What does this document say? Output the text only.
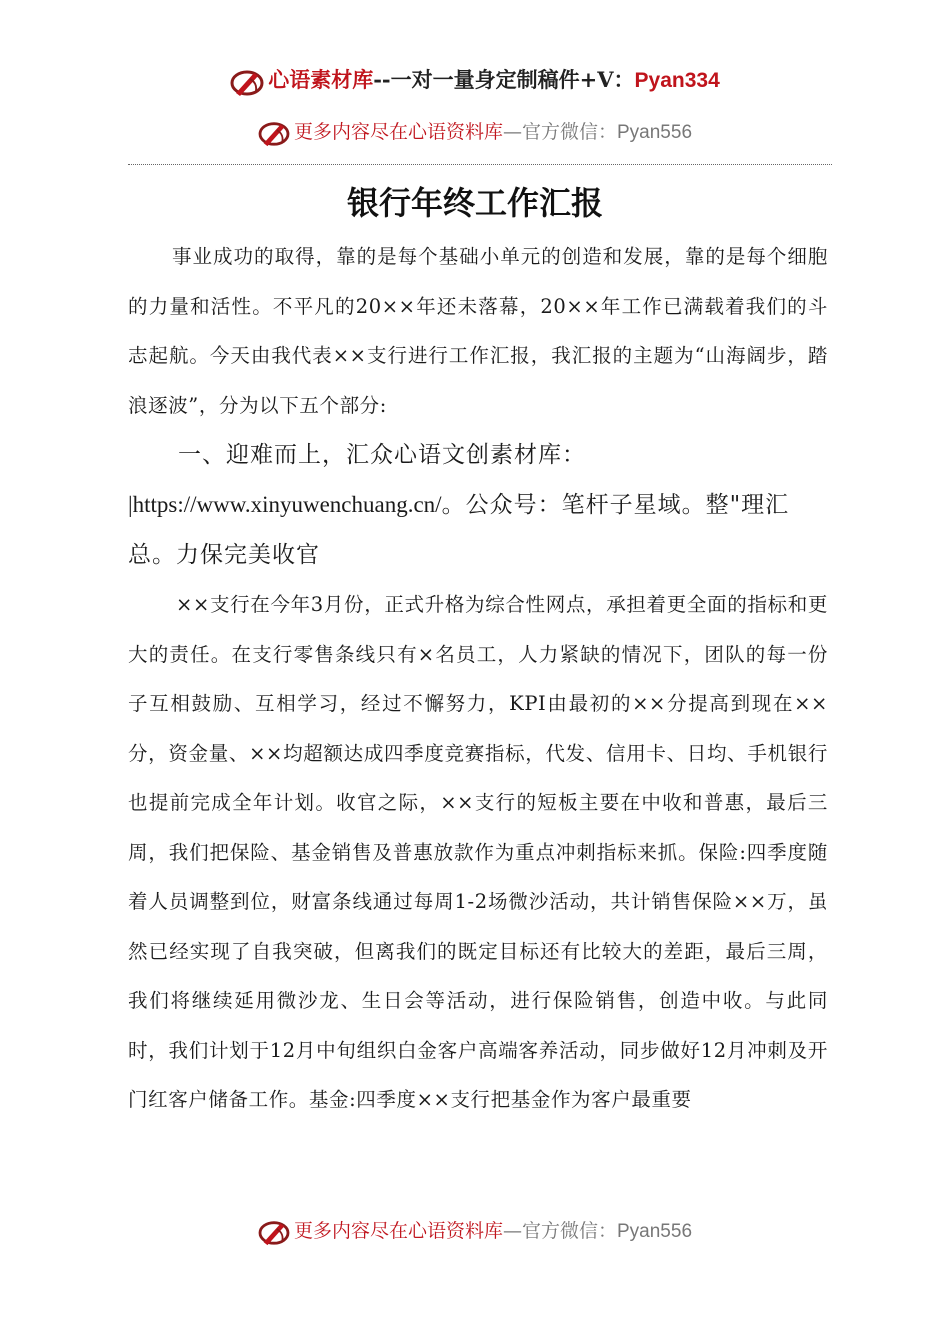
心语素材库--一对一量身定制稿件+V：Pyan334
更多内容尽在心语资料库—官方微信：Pyan556
银行年终工作汇报

事业成功的取得，靠的是每个基础小单元的创造和发展，靠的是每个细胞的力量和活性。不平凡的20××年还未落幕，20××年工作已满载着我们的斗志起航。今天由我代表××支行进行工作汇报，我汇报的主题为“山海阔步，踏浪逐波”，分为以下五个部分:

一、迎难而上，汇众心语文创素材库：
|https://www.xinyuwenchuang.cn/。公众号：笔杆子星域。整"理汇总。力保完美收官

××支行在今年3月份，正式升格为综合性网点，承担着更全面的指标和更大的责任。在支行零售条线只有×名员工，人力紧缺的情况下，团队的每一份子互相鼓励、互相学习，经过不懈努力，KPI由最初的××分提高到现在××分，资金量、××均超额达成四季度竞赛指标，代发、信用卡、日均、手机银行也提前完成全年计划。收官之际，××支行的短板主要在中收和普惠，最后三周，我们把保险、基金销售及普惠放款作为重点冲刺指标来抓。保险:四季度随着人员调整到位，财富条线通过每周1-2场微沙活动，共计销售保险××万，虽然已经实现了自我突破，但离我们的既定目标还有比较大的差距，最后三周，我们将继续延用微沙龙、生日会等活动，进行保险销售，创造中收。与此同时，我们计划于12月中旬组织白金客户高端客养活动，同步做好12月冲刺及开门红客户储备工作。基金:四季度××支行把基金作为客户最重要

更多内容尽在心语资料库—官方微信：Pyan556
